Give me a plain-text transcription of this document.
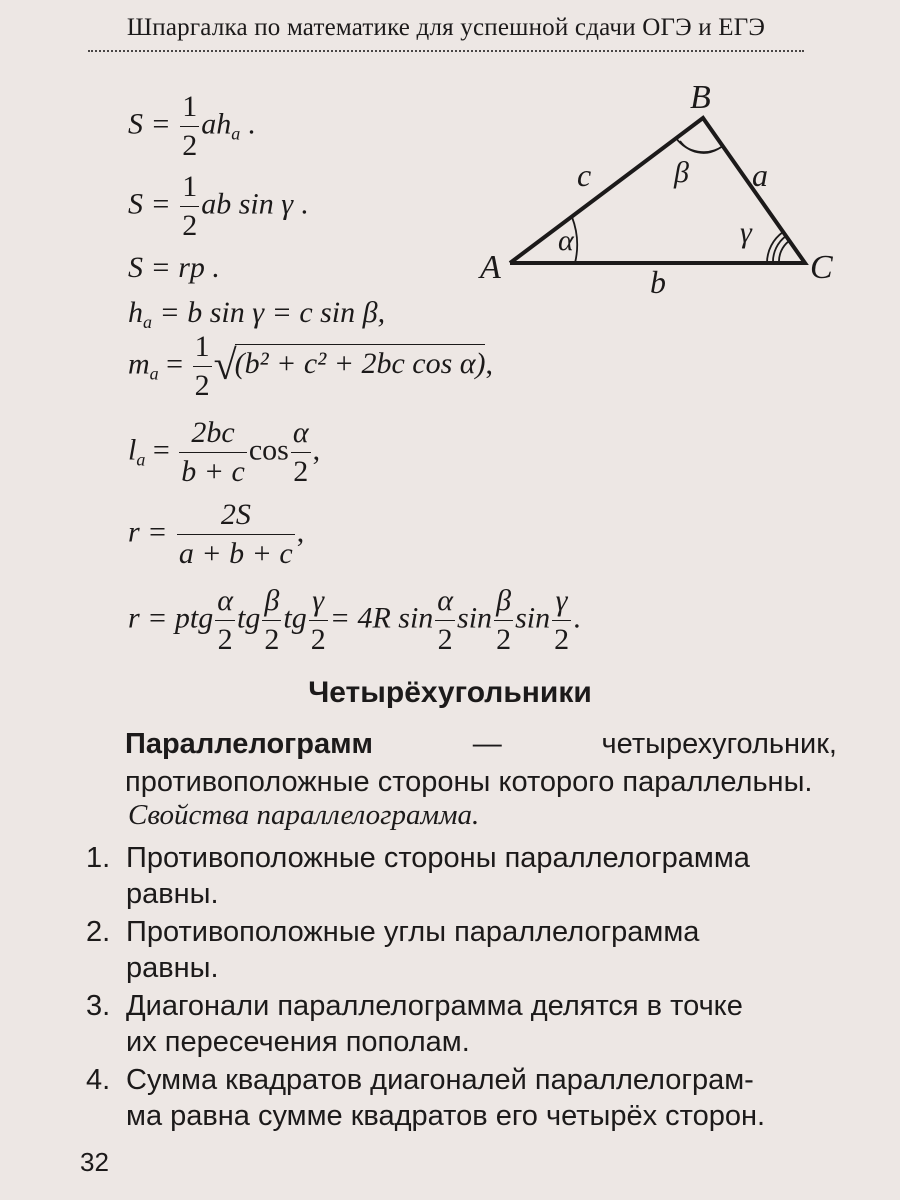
Шпаргалка по математике для успешной сдачи ОГЭ и ЕГЭ
$S = \frac{1}{2} ah_a$ .
$S = \frac{1}{2}$ ab sin γ .
S = rp .
$h_a = b$ sin γ = c sin β,
$m_a = \frac{1}{2} √(b^2 + c^2 + 2bc$ cos α),
$l_a = \frac{2bc}{b + c}$ $\cos \frac{\alpha}{2}$ ,
$r = \frac{2S}{a + b + c}$ ,
r = ptg $\frac{\alpha}{2}$ tg $\frac{\beta}{2}$ tg $\frac{\gamma}{2} = 4R$ $\sin \frac{\alpha}{2}$ $\sin \frac{\beta}{2}$ $\sin \frac{\gamma}{2}$ .
B
A	C
c	a
b
α
β
γ
Четырёхугольники
Параллелограмм — четырехугольник, противоположные стороны которого параллельны.
Свойства параллелограмма.
1. Противоположные стороны параллелограмма
равны.
2. Противоположные углы параллелограмма
равны.
3. Диагонали параллелограмма делятся в точке
их пересечения пополам.
4. Сумма квадратов диагоналей параллелограм-
ма равна сумме квадратов его четырёх сторон.
32
